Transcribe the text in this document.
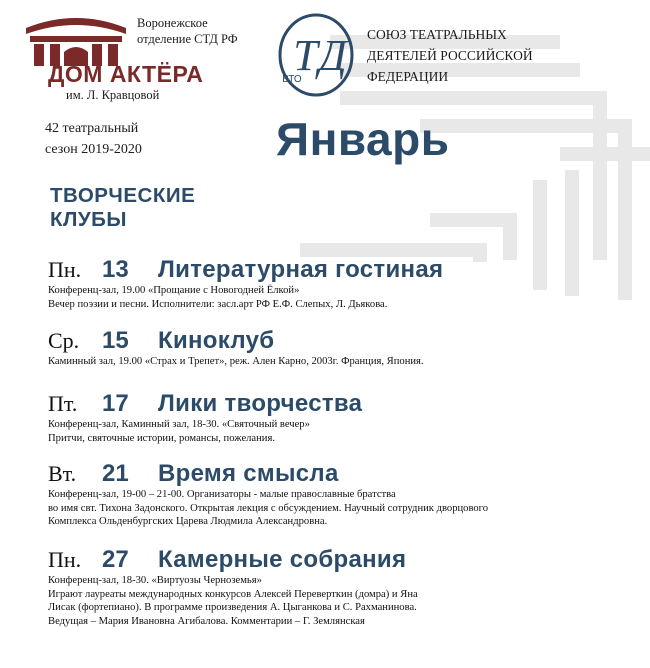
Воронежское
отделение СТД РФ
ДОМ АКТЁРА
им. Л. Кравцовой
42 театральный
сезон 2019-2020
ТД
ВТО
СОЮЗ ТЕАТРАЛЬНЫХ
ДЕЯТЕЛЕЙ РОССИЙСКОЙ
ФЕДЕРАЦИИ
Январь
ТВОРЧЕСКИЕ
КЛУБЫ
Пн. 13 Литературная гостиная
Конференц-зал, 19.00 «Прощание с Новогодней Ёлкой»
Вечер поэзии и песни. Исполнители: засл.арт РФ Е.Ф. Слепых, Л. Дьякова.
Ср. 15 Киноклуб
Каминный зал, 19.00 «Страх и Трепет», реж. Ален Карно, 2003г. Франция, Япония.
Пт. 17 Лики творчества
Конференц-зал, Каминный зал, 18-30. «Святочный вечер»
Притчи, святочные истории, романсы, пожелания.
Вт. 21 Время смысла
Конференц-зал, 19-00 – 21-00. Организаторы - малые православные братства
во имя свт. Тихона Задонского. Открытая лекция с обсуждением. Научный сотрудник дворцового
Комплекса Ольденбургских Царева Людмила Александровна.
Пн. 27 Камерные собрания
Конференц-зал, 18-30. «Виртуозы Черноземья»
Играют лауреаты международных конкурсов Алексей Переверткин (домра) и Яна
Лисак (фортепиано). В программе произведения А. Цыганкова и С. Рахманинова.
Ведущая – Мария Ивановна Агибалова. Комментарии – Г. Землянская
